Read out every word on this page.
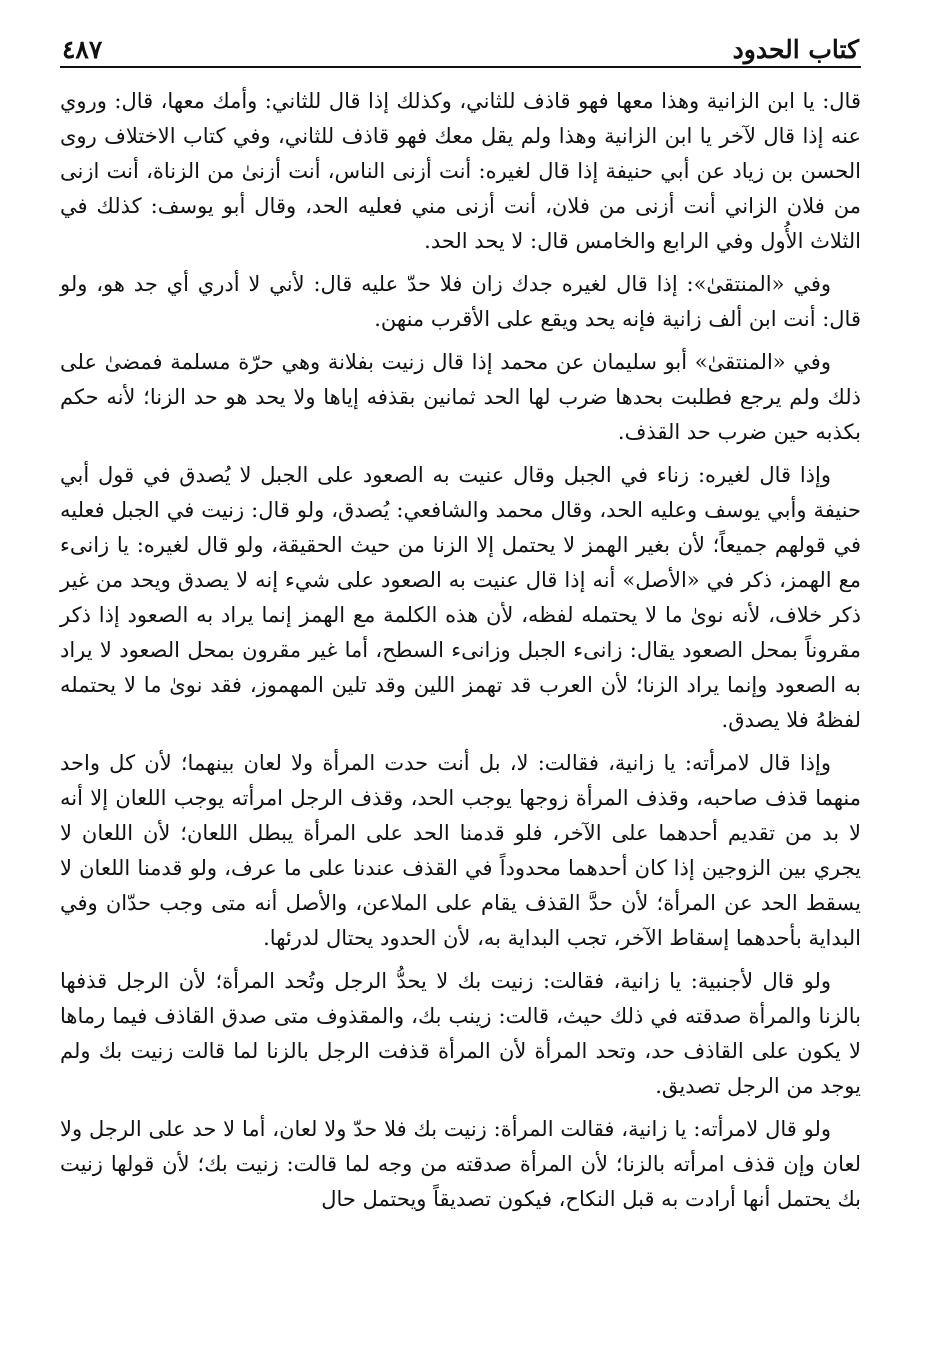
كتاب الحدود
٤٨٧

قال: يا ابن الزانية وهذا معها فهو قاذف للثاني، وكذلك إذا قال للثاني: وأمك معها، قال: وروي عنه إذا قال لآخر يا ابن الزانية وهذا ولم يقل معك فهو قاذف للثاني، وفي كتاب الاختلاف روى الحسن بن زياد عن أبي حنيفة إذا قال لغيره: أنت أزنى الناس، أنت أزنىٰ من الزناة، أنت ازنى من فلان الزاني أنت أزنى من فلان، أنت أزنى مني فعليه الحد، وقال أبو يوسف: كذلك في الثلاث الأُول وفي الرابع والخامس قال: لا يحد الحد.

وفي «المنتقىٰ»: إذا قال لغيره جدك زان فلا حدّ عليه قال: لأني لا أدري أي جد هو، ولو قال: أنت ابن ألف زانية فإنه يحد ويقع على الأقرب منهن.

وفي «المنتقىٰ» أبو سليمان عن محمد إذا قال زنيت بفلانة وهي حرّة مسلمة فمضىٰ على ذلك ولم يرجع فطلبت بحدها ضرب لها الحد ثمانين بقذفه إياها ولا يحد هو حد الزنا؛ لأنه حكم بكذبه حين ضرب حد القذف.

وإذا قال لغيره: زناء في الجبل وقال عنيت به الصعود على الجبل لا يُصدق في قول أبي حنيفة وأبي يوسف وعليه الحد، وقال محمد والشافعي: يُصدق، ولو قال: زنيت في الجبل فعليه في قولهم جميعاً؛ لأن بغير الهمز لا يحتمل إلا الزنا من حيث الحقيقة، ولو قال لغيره: يا زانىء مع الهمز، ذكر في «الأصل» أنه إذا قال عنيت به الصعود على شيء إنه لا يصدق ويحد من غير ذكر خلاف، لأنه نوىٰ ما لا يحتمله لفظه، لأن هذه الكلمة مع الهمز إنما يراد به الصعود إذا ذكر مقروناً بمحل الصعود يقال: زانىء الجبل وزانىء السطح، أما غير مقرون بمحل الصعود لا يراد به الصعود وإنما يراد الزنا؛ لأن العرب قد تهمز اللين وقد تلين المهموز، فقد نوىٰ ما لا يحتمله لفظهُ فلا يصدق.

وإذا قال لامرأته: يا زانية، فقالت: لا، بل أنت حدت المرأة ولا لعان بينهما؛ لأن كل واحد منهما قذف صاحبه، وقذف المرأة زوجها يوجب الحد، وقذف الرجل امرأته يوجب اللعان إلا أنه لا بد من تقديم أحدهما على الآخر، فلو قدمنا الحد على المرأة يبطل اللعان؛ لأن اللعان لا يجري بين الزوجين إذا كان أحدهما محدوداً في القذف عندنا على ما عرف، ولو قدمنا اللعان لا يسقط الحد عن المرأة؛ لأن حدَّ القذف يقام على الملاعن، والأصل أنه متى وجب حدّان وفي البداية بأحدهما إسقاط الآخر، تجب البداية به، لأن الحدود يحتال لدرئها.

ولو قال لأجنبية: يا زانية، فقالت: زنيت بك لا يحدُّ الرجل وتُحد المرأة؛ لأن الرجل قذفها بالزنا والمرأة صدقته في ذلك حيث، قالت: زينب بك، والمقذوف متى صدق القاذف فيما رماها لا يكون على القاذف حد، وتحد المرأة لأن المرأة قذفت الرجل بالزنا لما قالت زنيت بك ولم يوجد من الرجل تصديق.

ولو قال لامرأته: يا زانية، فقالت المرأة: زنيت بك فلا حدّ ولا لعان، أما لا حد على الرجل ولا لعان وإن قذف امرأته بالزنا؛ لأن المرأة صدقته من وجه لما قالت: زنيت بك؛ لأن قولها زنيت بك يحتمل أنها أرادت به قبل النكاح، فيكون تصديقاً ويحتمل حال
